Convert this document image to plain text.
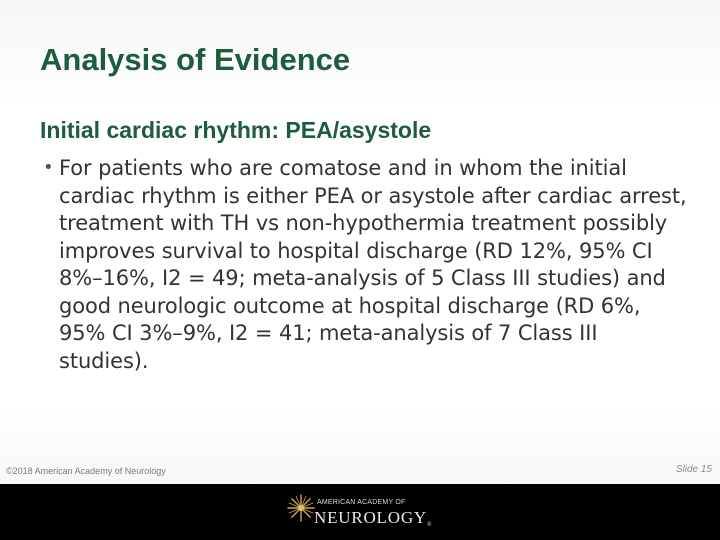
Analysis of Evidence
Initial cardiac rhythm: PEA/asystole
• For patients who are comatose and in whom the initial cardiac rhythm is either PEA or asystole after cardiac arrest, treatment with TH vs non-hypothermia treatment possibly improves survival to hospital discharge (RD 12%, 95% CI 8%–16%, I2 = 49; meta-analysis of 5 Class III studies) and good neurologic outcome at hospital discharge (RD 6%, 95% CI 3%–9%, I2 = 41; meta-analysis of 7 Class III studies).

©2018 American Academy of Neurology	Slide 15
AMERICAN ACADEMY OF
NEUROLOGY®
